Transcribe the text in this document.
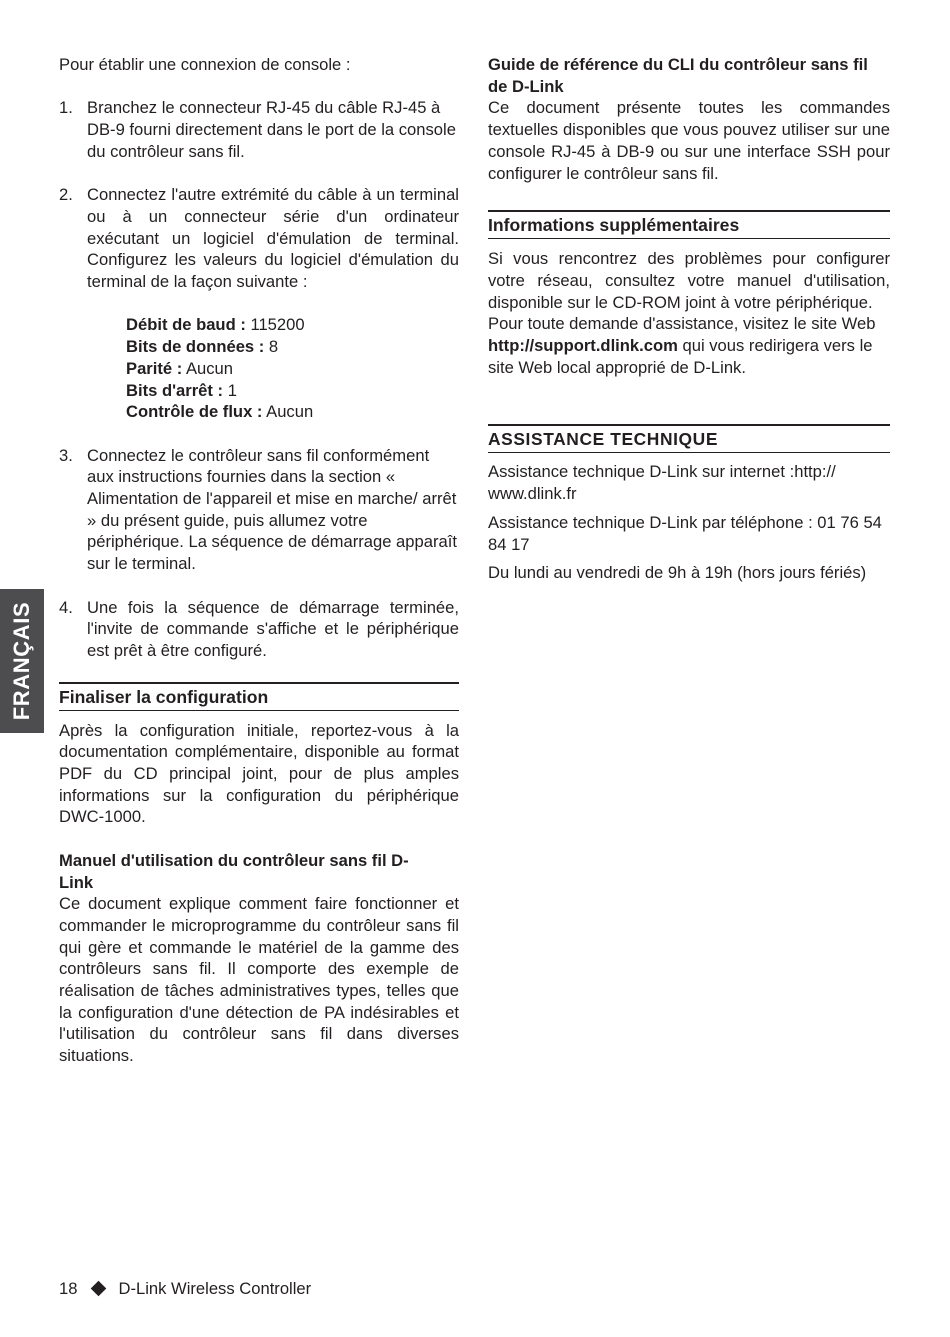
FRANÇAIS

Pour établir une connexion de console :

1. Branchez le connecteur RJ-45 du câble RJ-45 à DB-9 fourni directement dans le port de la console du contrôleur sans fil.
2. Connectez l'autre extrémité du câble à un terminal ou à un connecteur série d'un ordinateur exécutant un logiciel d'émulation de terminal. Configurez les valeurs du logiciel d'émulation du terminal de la façon suivante :
Débit de baud : 115200
Bits de données : 8
Parité : Aucun
Bits d'arrêt : 1
Contrôle de flux : Aucun
3. Connectez le contrôleur sans fil conformément aux instructions fournies dans la section « Alimentation de l'appareil et mise en marche/ arrêt » du présent guide, puis allumez votre périphérique. La séquence de démarrage apparaît sur le terminal.
4. Une fois la séquence de démarrage terminée, l'invite de commande s'affiche et le périphérique est prêt à être configuré.
Finaliser la configuration

Après la configuration initiale, reportez-vous à la documentation complémentaire, disponible au format PDF du CD principal joint, pour de plus amples informations sur la configuration du périphérique DWC-1000.

Manuel d'utilisation du contrôleur sans fil D-Link

Ce document explique comment faire fonctionner et commander le microprogramme du contrôleur sans fil qui gère et commande le matériel de la gamme des contrôleurs sans fil. Il comporte des exemple de réalisation de tâches administratives types, telles que la configuration d'une détection de PA indésirables et l'utilisation du contrôleur sans fil dans diverses situations.

Guide de référence du CLI du contrôleur sans fil de D-Link

Ce document présente toutes les commandes textuelles disponibles que vous pouvez utiliser sur une console RJ-45 à DB-9 ou sur une interface SSH pour configurer le contrôleur sans fil.

Informations supplémentaires

Si vous rencontrez des problèmes pour configurer votre réseau, consultez votre manuel d'utilisation, disponible sur le CD-ROM joint à votre périphérique.

Pour toute demande d'assistance, visitez le site Web

http://support.dlink.com qui vous redirigera vers le site Web local approprié de D-Link.

ASSISTANCE TECHNIQUE

Assistance technique D-Link sur internet :http:// www.dlink.fr

Assistance technique D-Link par téléphone : 01 76 54 84 17

Du lundi au vendredi de 9h à 19h (hors jours fériés)

18 D-Link Wireless Controller
